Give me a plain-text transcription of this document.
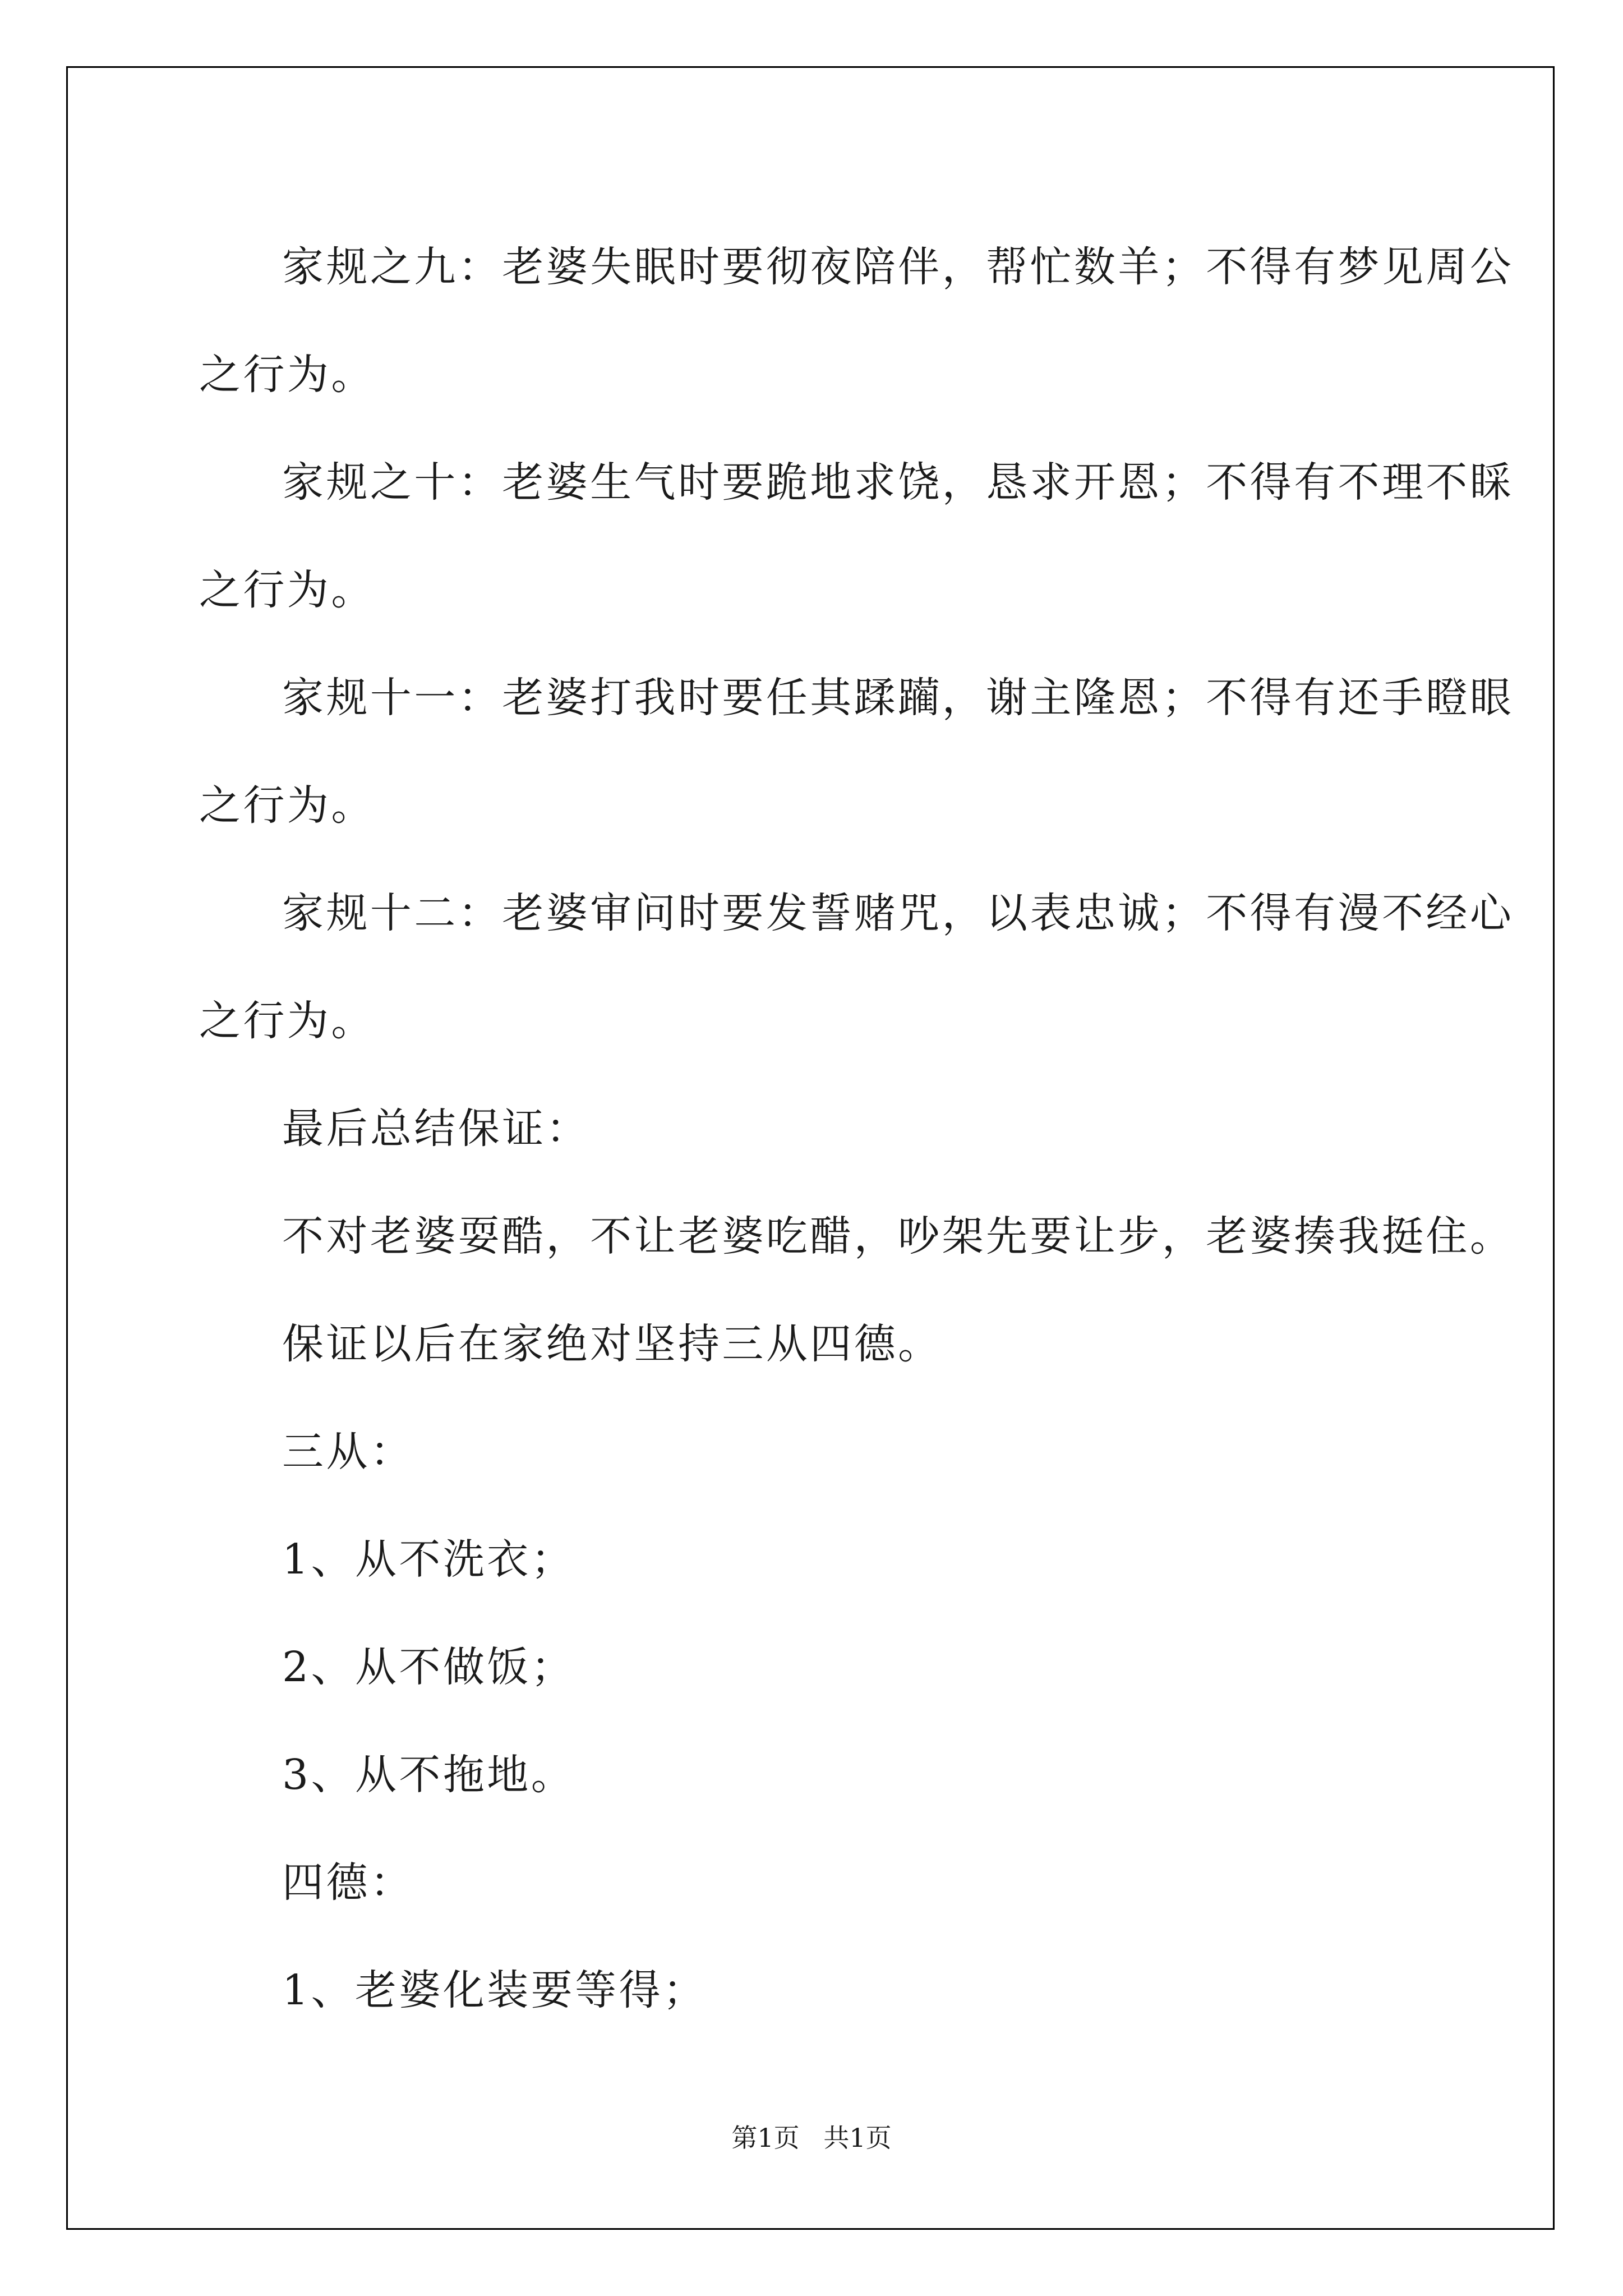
家规之九：老婆失眠时要彻夜陪伴，帮忙数羊；不得有梦见周公
之行为。

家规之十：老婆生气时要跪地求饶，恳求开恩；不得有不理不睬
之行为。

家规十一：老婆打我时要任其蹂躏，谢主隆恩；不得有还手瞪眼
之行为。

家规十二：老婆审问时要发誓赌咒，以表忠诚；不得有漫不经心
之行为。

最后总结保证：

不对老婆耍酷，不让老婆吃醋，吵架先要让步，老婆揍我挺住。

保证以后在家绝对坚持三从四德。

三从：

1、从不洗衣；

2、从不做饭；

3、从不拖地。

四德：

1、老婆化装要等得；

第1页 共1页
